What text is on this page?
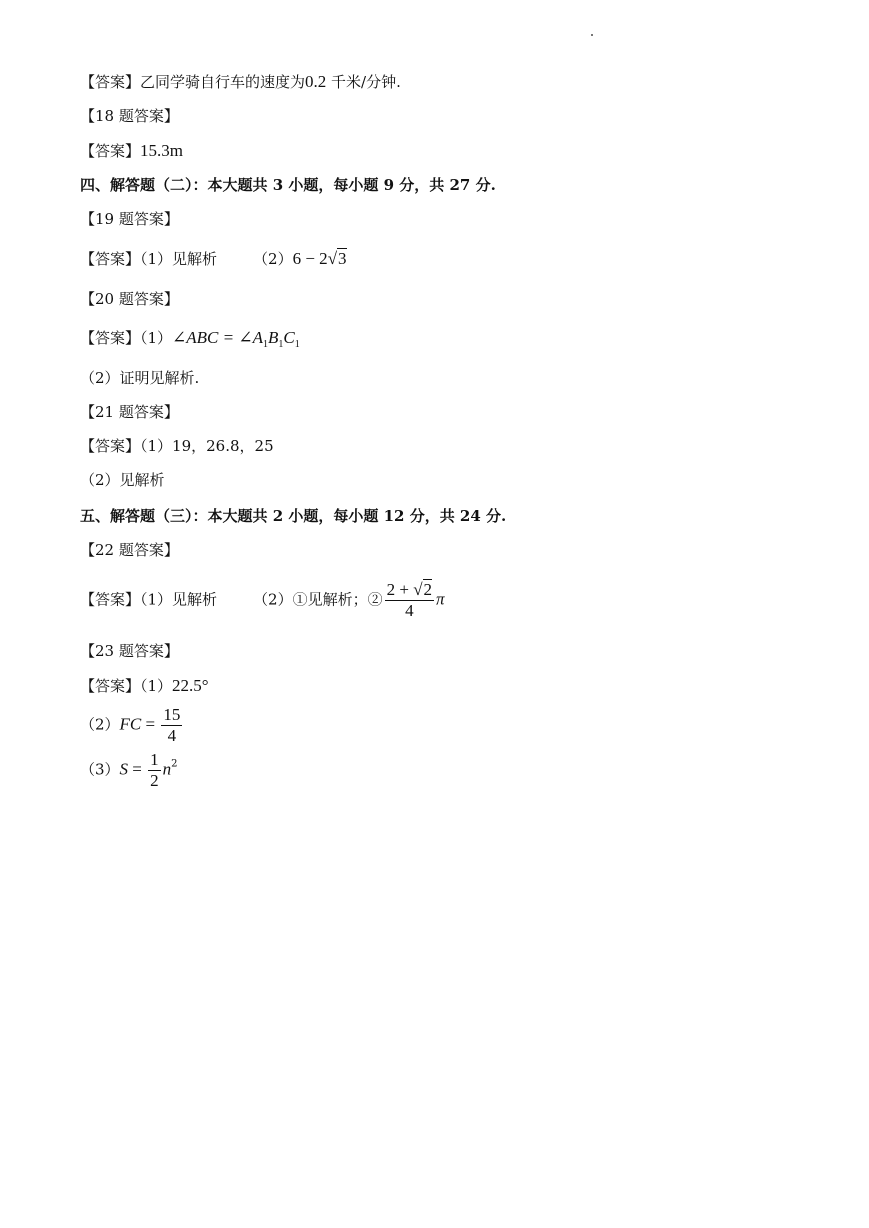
【答案】乙同学骑自行车的速度为0.2 千米/分钟.
【18 题答案】
【答案】15.3m
四、解答题（二）：本大题共 3 小题，每小题 9 分，共 27 分.
【19 题答案】
【答案】（1）见解析 （2）6 − 2√3
【20 题答案】
【答案】（1）∠ABC = $\angle A_1B_1C_1$
（2）证明见解析.
【21 题答案】
【答案】（1）19，26.8，25
（2）见解析
五、解答题（三）：本大题共 2 小题，每小题 12 分，共 24 分.
【22 题答案】
【答案】（1）见解析 （2）①见解析；② $\frac{2 + √2}{4}$ π
【23 题答案】
【答案】（1）22.5°
$(2)FC = \frac{15}{4}$
$(3)S = \frac{1}{2} n^2$
